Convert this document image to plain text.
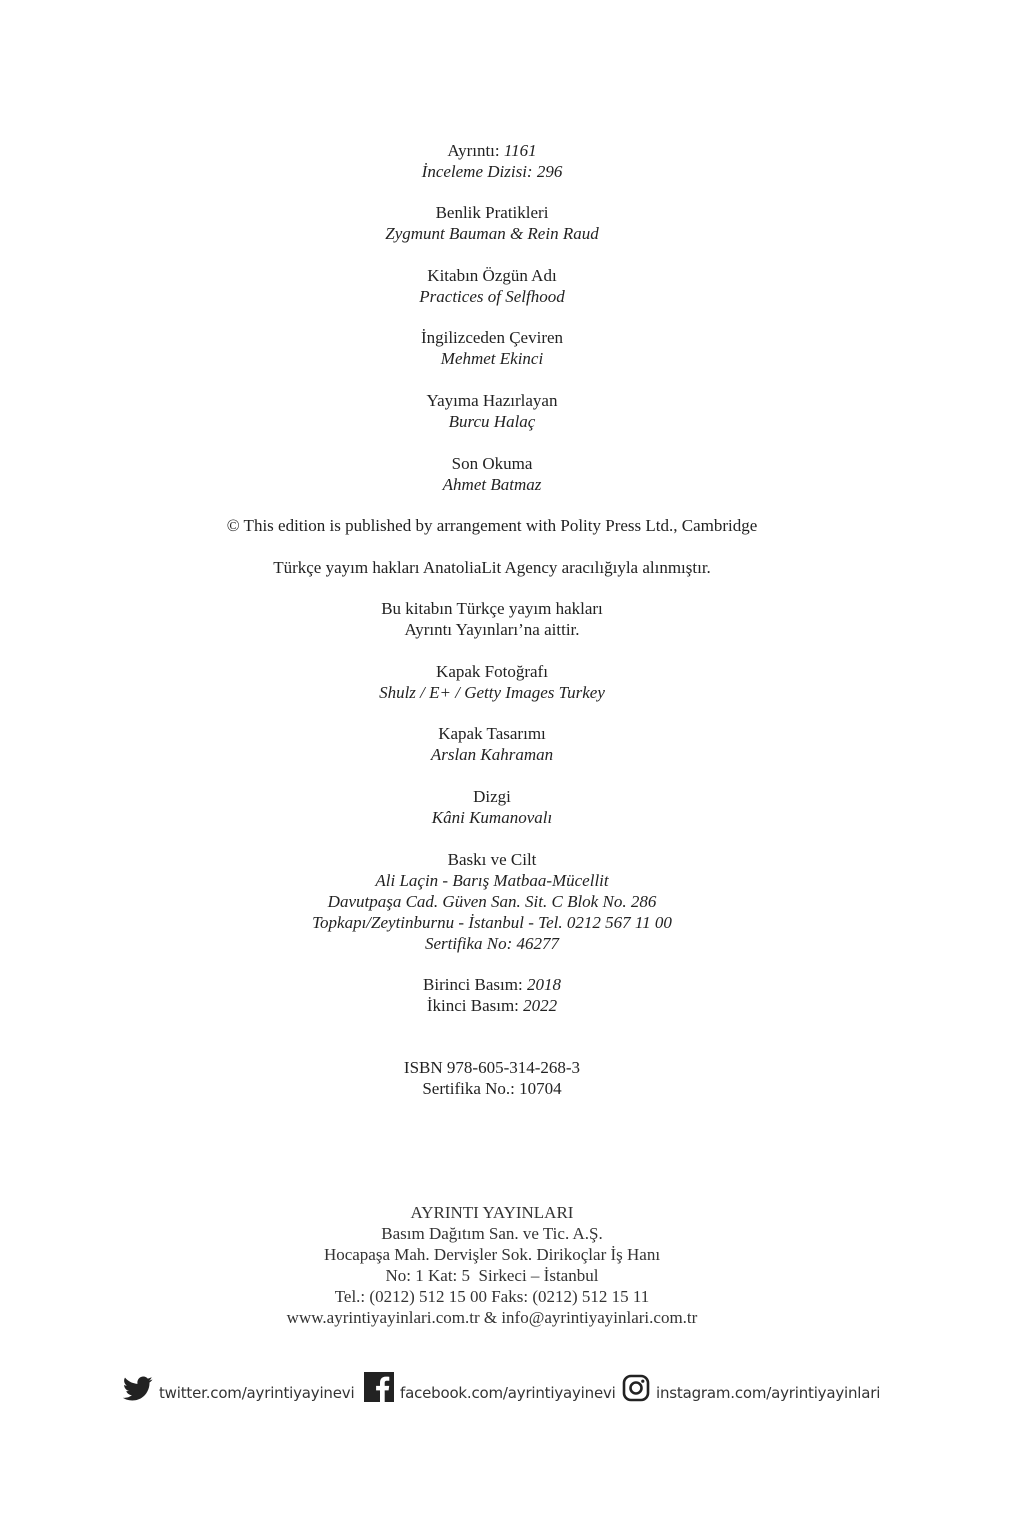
Ayrıntı: 1161
İnceleme Dizisi: 296
Benlik Pratikleri
Zygmunt Bauman & Rein Raud
Kitabın Özgün Adı
Practices of Selfhood
İngilizceden Çeviren
Mehmet Ekinci
Yayıma Hazırlayan
Burcu Halaç
Son Okuma
Ahmet Batmaz
© This edition is published by arrangement with Polity Press Ltd., Cambridge
Türkçe yayım hakları AnatoliaLit Agency aracılığıyla alınmıştır.
Bu kitabın Türkçe yayım hakları
Ayrıntı Yayınları’na aittir.
Kapak Fotoğrafı
Shulz / E+ / Getty Images Turkey
Kapak Tasarımı
Arslan Kahraman
Dizgi
Kâni Kumanovalı
Baskı ve Cilt
Ali Laçin - Barış Matbaa-Mücellit
Davutpaşa Cad. Güven San. Sit. C Blok No. 286
Topkapı/Zeytinburnu - İstanbul - Tel. 0212 567 11 00
Sertifika No: 46277
Birinci Basım: 2018
İkinci Basım: 2022
ISBN 978-605-314-268-3
Sertifika No.: 10704
AYRINTI YAYINLARI
Basım Dağıtım San. ve Tic. A.Ş.
Hocapaşa Mah. Dervişler Sok. Dirikoçlar İş Hanı
No: 1 Kat: 5  Sirkeci – İstanbul
Tel.: (0212) 512 15 00 Faks: (0212) 512 15 11
www.ayrintiyayinlari.com.tr & info@ayrintiyayinlari.com.tr
twitter.com/ayrintiyayinevi	facebook.com/ayrintiyayinevi	instagram.com/ayrintiyayinlari
